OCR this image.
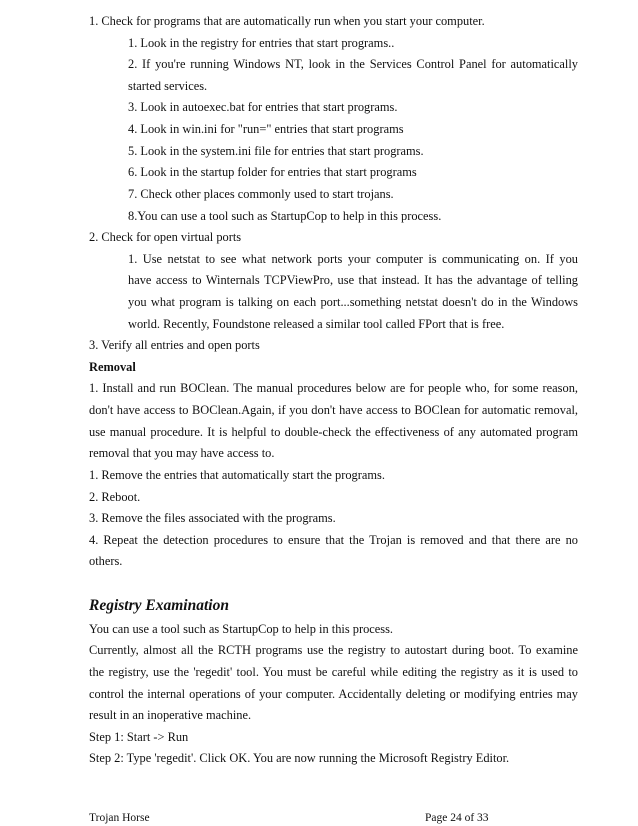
1. Check for programs that are automatically run when you start your computer.
1. Look in the registry for entries that start programs..
2. If you're running Windows NT, look in the Services Control Panel for automatically
started services.
3. Look in autoexec.bat for entries that start programs.
4. Look in win.ini for "run=" entries that start programs
5. Look in the system.ini file for entries that start programs.
6. Look in the startup folder for entries that start programs
7. Check other places commonly used to start trojans.
8.You can use a tool such as StartupCop to help in this process.
2. Check for open virtual ports
1. Use netstat to see what network ports your computer is communicating on. If you
have access to Winternals TCPViewPro, use that instead. It has the advantage of telling
you what program is talking on each port...something netstat doesn't do in the Windows
world. Recently, Foundstone released a similar tool called FPort that is free.
3. Verify all entries and open ports
Removal
1. Install and run BOClean. The manual procedures below are for people who, for some reason,
don't have access to BOClean.Again, if you don't have access to BOClean for automatic removal,
use manual procedure. It is helpful to double-check the effectiveness of any automated program
removal that you may have access to.
1. Remove the entries that automatically start the programs.
2. Reboot.
3. Remove the files associated with the programs.
4. Repeat the detection procedures to ensure that the Trojan is removed and that there are no
others.
Registry Examination
You can use a tool such as StartupCop to help in this process.
Currently, almost all the RCTH programs use the registry to autostart during boot. To examine
the registry, use the 'regedit' tool. You must be careful while editing the registry as it is used to
control the internal operations of your computer. Accidentally deleting or modifying entries may
result in an inoperative machine.
Step 1: Start -> Run
Step 2: Type 'regedit'. Click OK. You are now running the Microsoft Registry Editor.
Trojan Horse	Page 24 of 33
